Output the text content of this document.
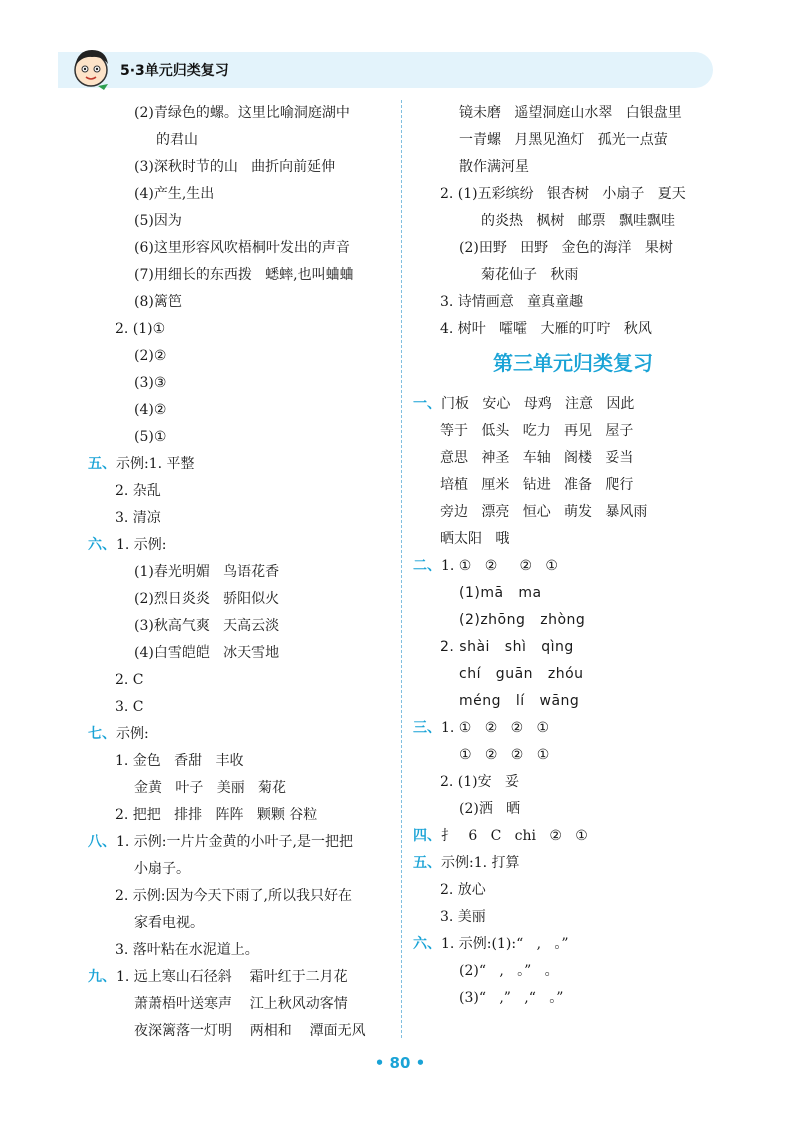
5·3单元归类复习
(2)青绿色的螺。这里比喻洞庭湖中
的君山
(3)深秋时节的山   曲折向前延伸
(4)产生,生出
(5)因为
(6)这里形容风吹梧桐叶发出的声音
(7)用细长的东西拨   蟋蟀,也叫蛐蛐
(8)篱笆
2. (1)①
(2)②
(3)③
(4)②
(5)①
五、示例:1. 平整
2. 杂乱
3. 清凉
六、1. 示例:
(1)春光明媚   鸟语花香
(2)烈日炎炎   骄阳似火
(3)秋高气爽   天高云淡
(4)白雪皑皑   冰天雪地
2. C
3. C
七、示例:
1. 金色   香甜   丰收
金黄   叶子   美丽   菊花
2. 把把   排排   阵阵   颗颗 谷粒
八、1. 示例:一片片金黄的小叶子,是一把把
小扇子。
2. 示例:因为今天下雨了,所以我只好在
家看电视。
3. 落叶粘在水泥道上。
九、1. 远上寒山石径斜    霜叶红于二月花
萧萧梧叶送寒声    江上秋风动客情
夜深篱落一灯明    两相和    潭面无风
镜未磨   遥望洞庭山水翠   白银盘里
一青螺   月黑见渔灯   孤光一点萤
散作满河星
2. (1)五彩缤纷   银杏树   小扇子   夏天
的炎热   枫树   邮票   飘哇飘哇
(2)田野   田野   金色的海洋   果树
菊花仙子   秋雨
3. 诗情画意   童真童趣
4. 树叶   嚯嚯   大雁的叮咛   秋风
第三单元归类复习
一、门板   安心   母鸡   注意   因此
等于   低头   吃力   再见   屋子
意思   神圣   车轴   阁楼   妥当
培植   厘米   钻进   准备   爬行
旁边   漂亮   恒心   萌发   暴风雨
晒太阳   哦
二、1. ①   ②     ②   ①
(1)mā   ma
(2)zhōng   zhòng
2. shài   shì   qìng
chí   guān   zhóu
méng   lí   wāng
三、1. ①   ②   ②   ①
①   ②   ②   ①
2. (1)安   妥
(2)洒   晒
四、扌   6   C   chi   ②   ①
五、示例:1. 打算
2. 放心
3. 美丽
六、1. 示例:(1):“   ,   。”
(2)“   ,   。”   。
(3)“   ,”   ,“   。”
• 80 •
